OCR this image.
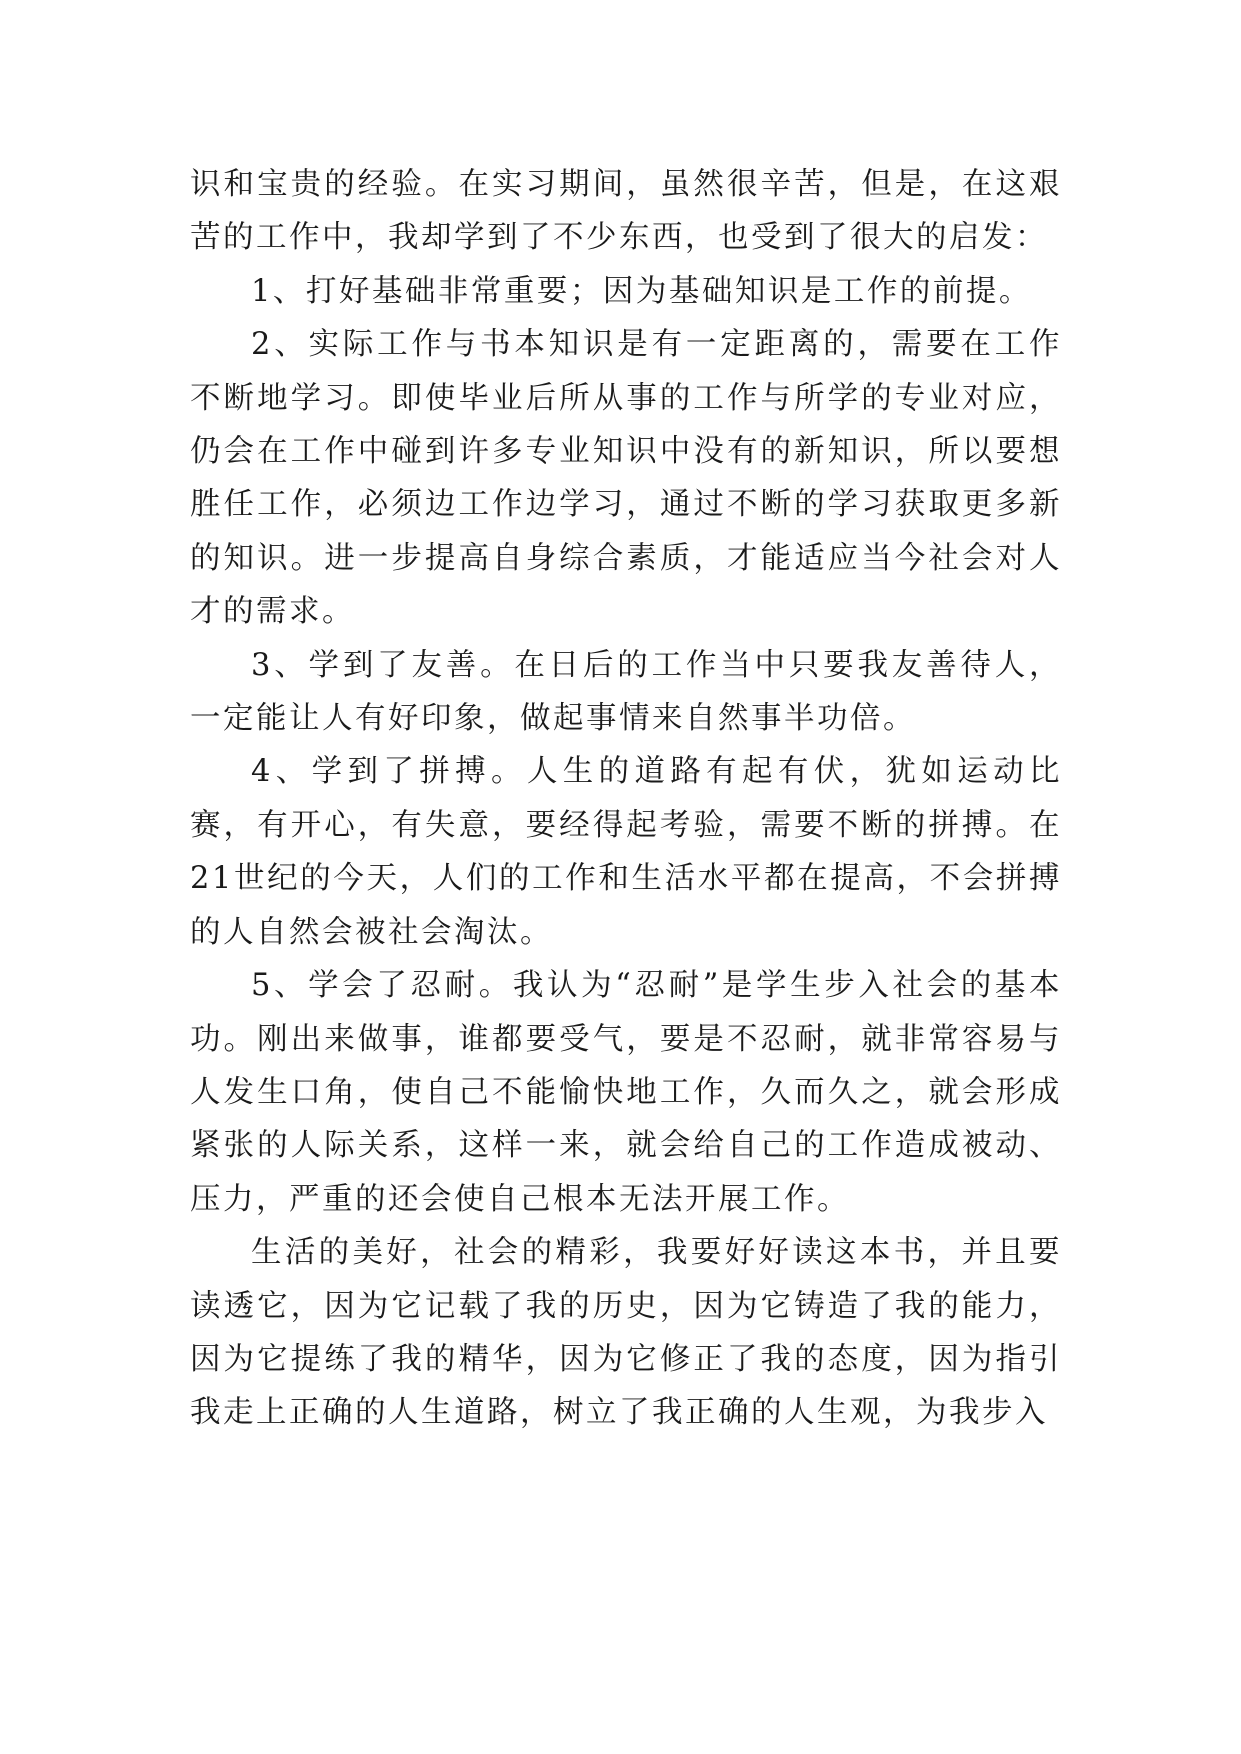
识和宝贵的经验。在实习期间，虽然很辛苦，但是，在这艰苦的工作中，我却学到了不少东西，也受到了很大的启发：

1、打好基础非常重要；因为基础知识是工作的前提。

2、实际工作与书本知识是有一定距离的，需要在工作不断地学习。即使毕业后所从事的工作与所学的专业对应，仍会在工作中碰到许多专业知识中没有的新知识，所以要想胜任工作，必须边工作边学习，通过不断的学习获取更多新的知识。进一步提高自身综合素质，才能适应当今社会对人才的需求。

3、学到了友善。在日后的工作当中只要我友善待人，一定能让人有好印象，做起事情来自然事半功倍。

4、学到了拼搏。人生的道路有起有伏，犹如运动比赛，有开心，有失意，要经得起考验，需要不断的拼搏。在21世纪的今天，人们的工作和生活水平都在提高，不会拼搏的人自然会被社会淘汰。

5、学会了忍耐。我认为“忍耐”是学生步入社会的基本功。刚出来做事，谁都要受气，要是不忍耐，就非常容易与人发生口角，使自己不能愉快地工作，久而久之，就会形成紧张的人际关系，这样一来，就会给自己的工作造成被动、压力，严重的还会使自己根本无法开展工作。

生活的美好，社会的精彩，我要好好读这本书，并且要读透它，因为它记载了我的历史，因为它铸造了我的能力，因为它提练了我的精华，因为它修正了我的态度，因为指引我走上正确的人生道路，树立了我正确的人生观，为我步入
